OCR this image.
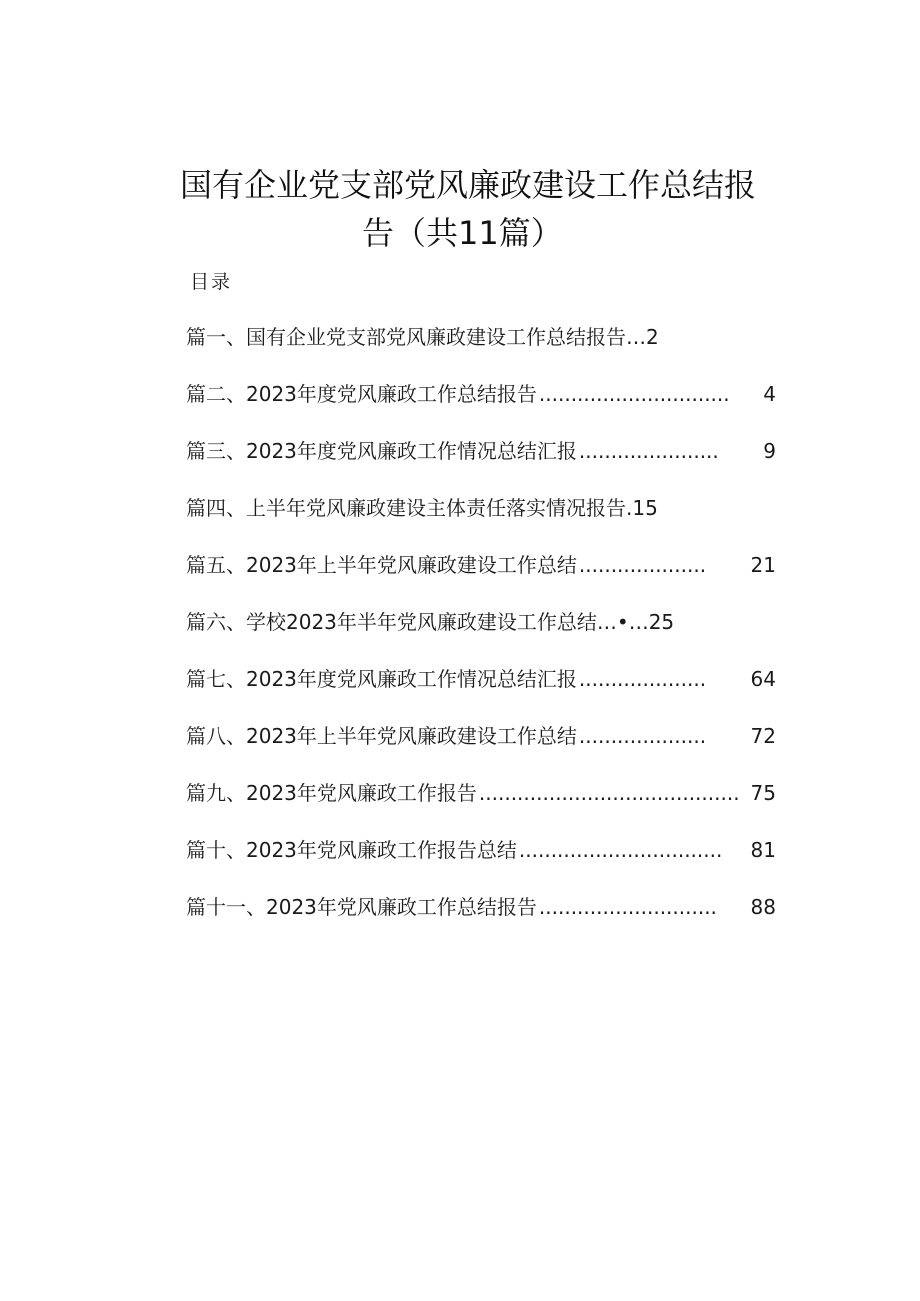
国有企业党支部党风廉政建设工作总结报
告（共11篇）
目录
篇一、国有企业党支部党风廉政建设工作总结报告 … 2
篇二、2023年度党风廉政工作总结报告 ..............................	4
篇三、2023年度党风廉政工作情况总结汇报 ......................	9
篇四、上半年党风廉政建设主体责任落实情况报告 . 15
篇五、2023年上半年党风廉政建设工作总结 ....................	21
篇六、学校2023年半年党风廉政建设工作总结 …•… 25
篇七、2023年度党风廉政工作情况总结汇报 ....................	64
篇八、2023年上半年党风廉政建设工作总结 ....................	72
篇九、2023年党风廉政工作报告 ......................................... 75
篇十、2023年党风廉政工作报告总结 ................................	81
篇十一、2023年党风廉政工作总结报告 ............................	88
